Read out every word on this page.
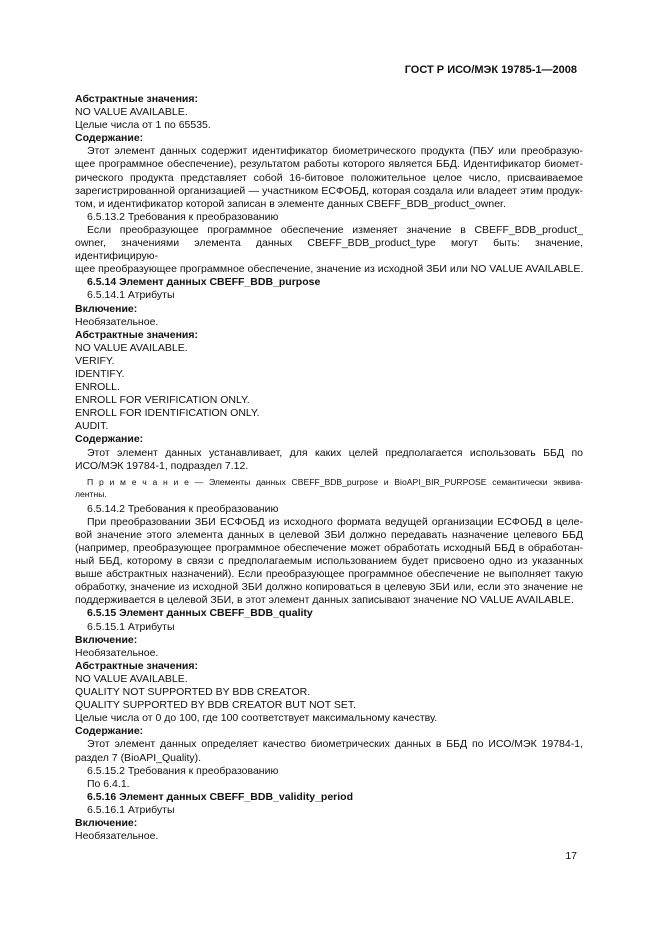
ГОСТ Р ИСО/МЭК 19785-1—2008
Абстрактные значения:
NO VALUE AVAILABLE.
Целые числа от 1 по 65535.
Содержание:
Этот элемент данных содержит идентификатор биометрического продукта (ПБУ или преобразую-
щее программное обеспечение), результатом работы которого является ББД. Идентификатор биомет-
рического продукта представляет собой 16-битовое положительное целое число, присваиваемое
зарегистрированной организацией — участником ЕСФОБД, которая создала или владеет этим продук-
том, и идентификатор которой записан в элементе данных CBEFF_BDB_product_owner.
6.5.13.2 Требования к преобразованию
Если преобразующее программное обеспечение изменяет значение в CBEFF_BDB_product_
owner, значениями элемента данных CBEFF_BDB_product_type могут быть: значение, идентифицирую-
щее преобразующее программное обеспечение, значение из исходной ЗБИ или NO VALUE AVAILABLE.
6.5.14 Элемент данных CBEFF_BDB_purpose
6.5.14.1 Атрибуты
Включение:
Необязательное.
Абстрактные значения:
NO VALUE AVAILABLE.
VERIFY.
IDENTIFY.
ENROLL.
ENROLL FOR VERIFICATION ONLY.
ENROLL FOR IDENTIFICATION ONLY.
AUDIT.
Содержание:
Этот элемент данных устанавливает, для каких целей предполагается использовать ББД по
ИСО/МЭК 19784-1, подраздел 7.12.
П р и м е ч а н и е — Элементы данных CBEFF_BDB_purpose и BioAPI_BIR_PURPOSE семантически эквива-
лентны.
6.5.14.2 Требования к преобразованию
При преобразовании ЗБИ ЕСФОБД из исходного формата ведущей организации ЕСФОБД в целе-
вой значение этого элемента данных в целевой ЗБИ должно передавать назначение целевого ББД
(например, преобразующее программное обеспечение может обработать исходный ББД в обработан-
ный ББД, которому в связи с предполагаемым использованием будет присвоено одно из указанных
выше абстрактных назначений). Если преобразующее программное обеспечение не выполняет такую
обработку, значение из исходной ЗБИ должно копироваться в целевую ЗБИ или, если это значение не
поддерживается в целевой ЗБИ, в этот элемент данных записывают значение NO VALUE AVAILABLE.
6.5.15 Элемент данных CBEFF_BDB_quality
6.5.15.1 Атрибуты
Включение:
Необязательное.
Абстрактные значения:
NO VALUE AVAILABLE.
QUALITY NOT SUPPORTED BY BDB CREATOR.
QUALITY SUPPORTED BY BDB CREATOR BUT NOT SET.
Целые числа от 0 до 100, где 100 соответствует максимальному качеству.
Содержание:
Этот элемент данных определяет качество биометрических данных в ББД по ИСО/МЭК 19784-1,
раздел 7 (BioAPI_Quality).
6.5.15.2 Требования к преобразованию
По 6.4.1.
6.5.16 Элемент данных CBEFF_BDB_validity_period
6.5.16.1 Атрибуты
Включение:
Необязательное.
17
